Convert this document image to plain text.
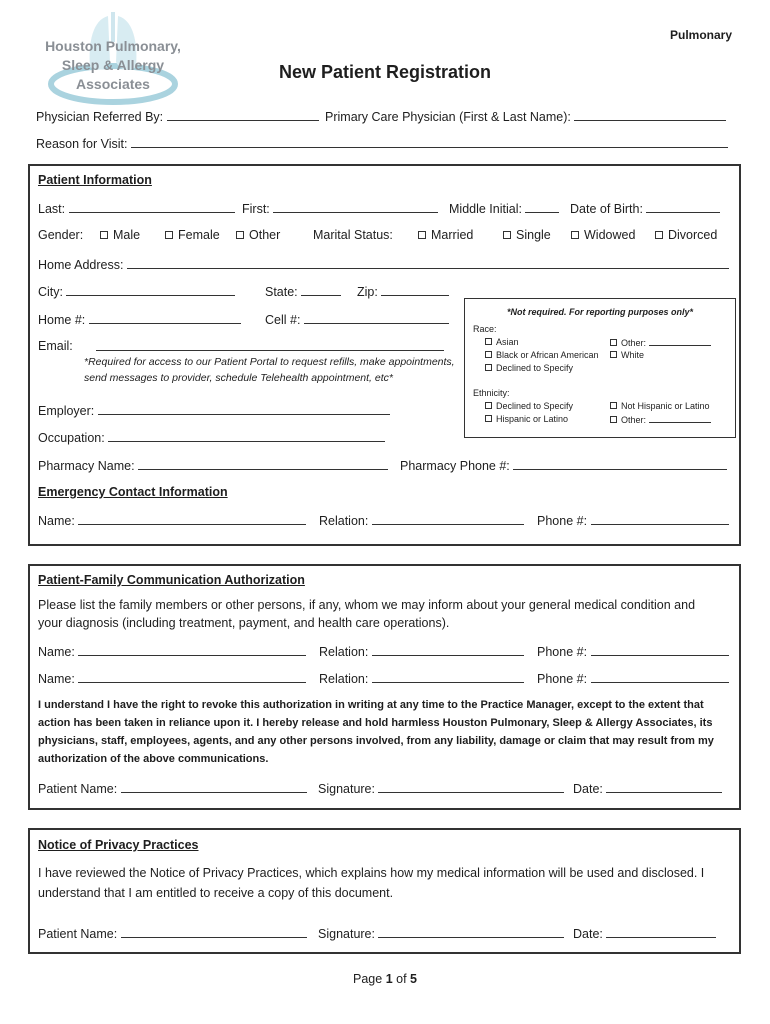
Houston Pulmonary,
Sleep & Allergy
Associates
Pulmonary
New Patient Registration
Physician Referred By:	Primary Care Physician (First & Last Name):
Reason for Visit:
Patient Information
Last:	First:	Middle Initial:	Date of Birth:
Gender:	Male	Female	Other	Marital Status:	Married	Single	Widowed	Divorced
Home Address:
City:	State:	Zip:
Home #:	Cell #:
Email:
*Required for access to our Patient Portal to request refills, make appointments,
send messages to provider, schedule Telehealth appointment, etc*
Employer:
Occupation:
Pharmacy Name:	Pharmacy Phone #:
*Not required. For reporting purposes only*
Race:
Asian	Other:
Black or African American	White
Declined to Specify
Ethnicity:
Declined to Specify	Not Hispanic or Latino
Hispanic or Latino	Other:
Emergency Contact Information
Name:	Relation:	Phone #:
Patient-Family Communication Authorization
Please list the family members or other persons, if any, whom we may inform about your general medical condition and
your diagnosis (including treatment, payment, and health care operations).
Name:	Relation:	Phone #:
Name:	Relation:	Phone #:
I understand I have the right to revoke this authorization in writing at any time to the Practice Manager, except to the extent that
action has been taken in reliance upon it. I hereby release and hold harmless Houston Pulmonary, Sleep & Allergy Associates, its
physicians, staff, employees, agents, and any other persons involved, from any liability, damage or claim that may result from my
authorization of the above communications.
Patient Name:	Signature:	Date:
Notice of Privacy Practices
I have reviewed the Notice of Privacy Practices, which explains how my medical information will be used and disclosed. I
understand that I am entitled to receive a copy of this document.
Patient Name:	Signature:	Date:
Page 1 of 5
